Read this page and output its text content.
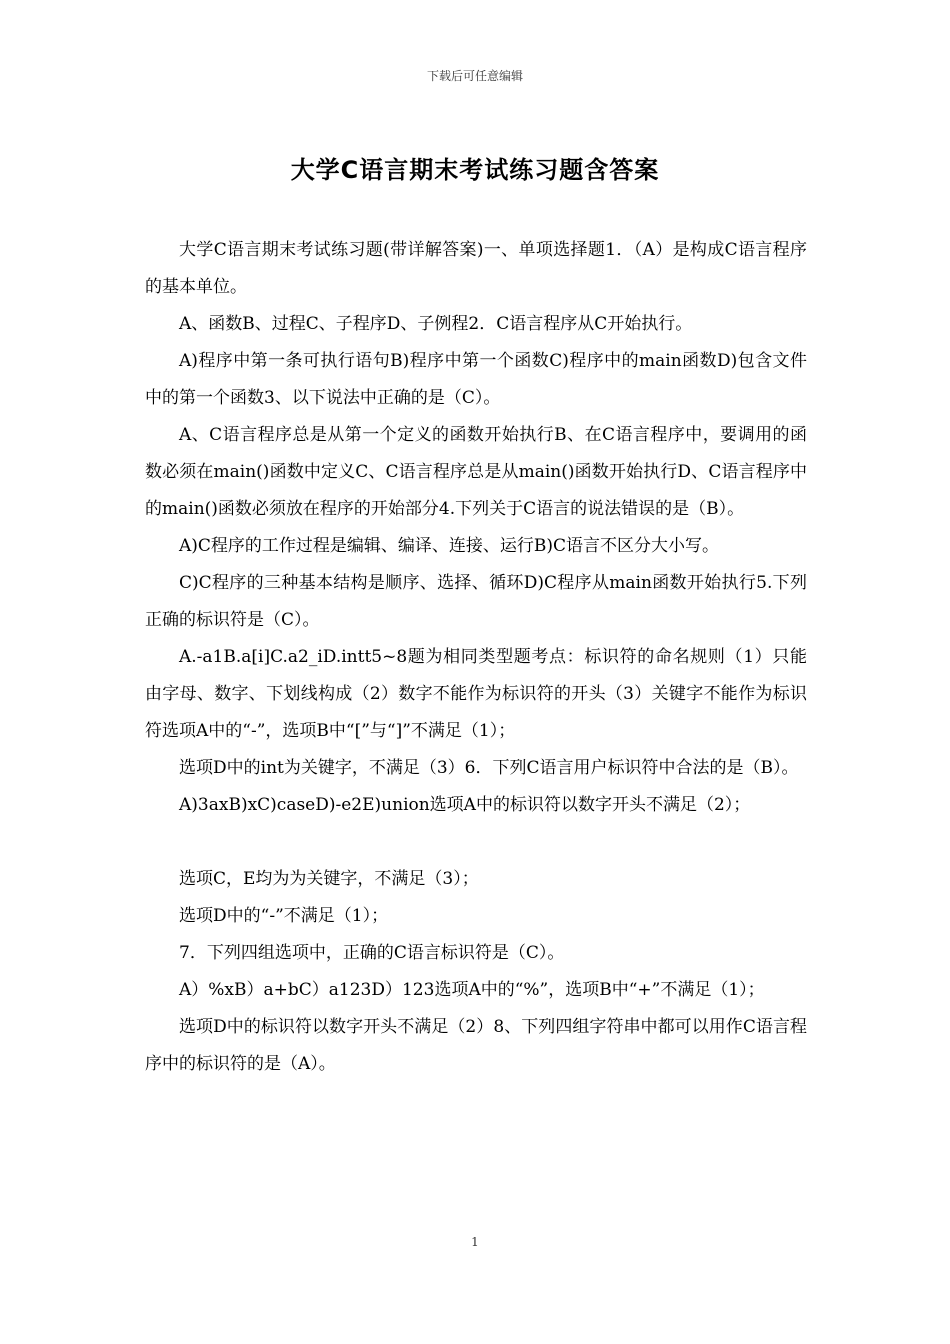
下载后可任意编辑
大学C语言期末考试练习题含答案

大学C语言期末考试练习题(带详解答案)一、单项选择题1．（A）是构成C语言程序的基本单位。

A、函数B、过程C、子程序D、子例程2．C语言程序从C开始执行。

A)程序中第一条可执行语句B)程序中第一个函数C)程序中的main函数D)包含文件中的第一个函数3、以下说法中正确的是（C）。

A、C语言程序总是从第一个定义的函数开始执行B、在C语言程序中，要调用的函数必须在main()函数中定义C、C语言程序总是从main()函数开始执行D、C语言程序中的main()函数必须放在程序的开始部分4.下列关于C语言的说法错误的是（B）。

A)C程序的工作过程是编辑、编译、连接、运行B)C语言不区分大小写。

C)C程序的三种基本结构是顺序、选择、循环D)C程序从main函数开始执行5.下列正确的标识符是（C）。

A.-a1B.a[i]C.a2_iD.intt5~8题为相同类型题考点：标识符的命名规则（1）只能由字母、数字、下划线构成（2）数字不能作为标识符的开头（3）关键字不能作为标识符选项A中的“-”，选项B中“[”与“]”不满足（1）；

选项D中的int为关键字，不满足（3）6．下列C语言用户标识符中合法的是（B）。

A)3axB)xC)caseD)-e2E)union选项A中的标识符以数字开头不满足（2）；

选项C，E均为为关键字，不满足（3）；

选项D中的“-”不满足（1）；

7．下列四组选项中，正确的C语言标识符是（C）。

A）%xB）a+bC）a123D）123选项A中的“%”，选项B中“+”不满足（1）；

选项D中的标识符以数字开头不满足（2）8、下列四组字符串中都可以用作C语言程序中的标识符的是（A）。

1
